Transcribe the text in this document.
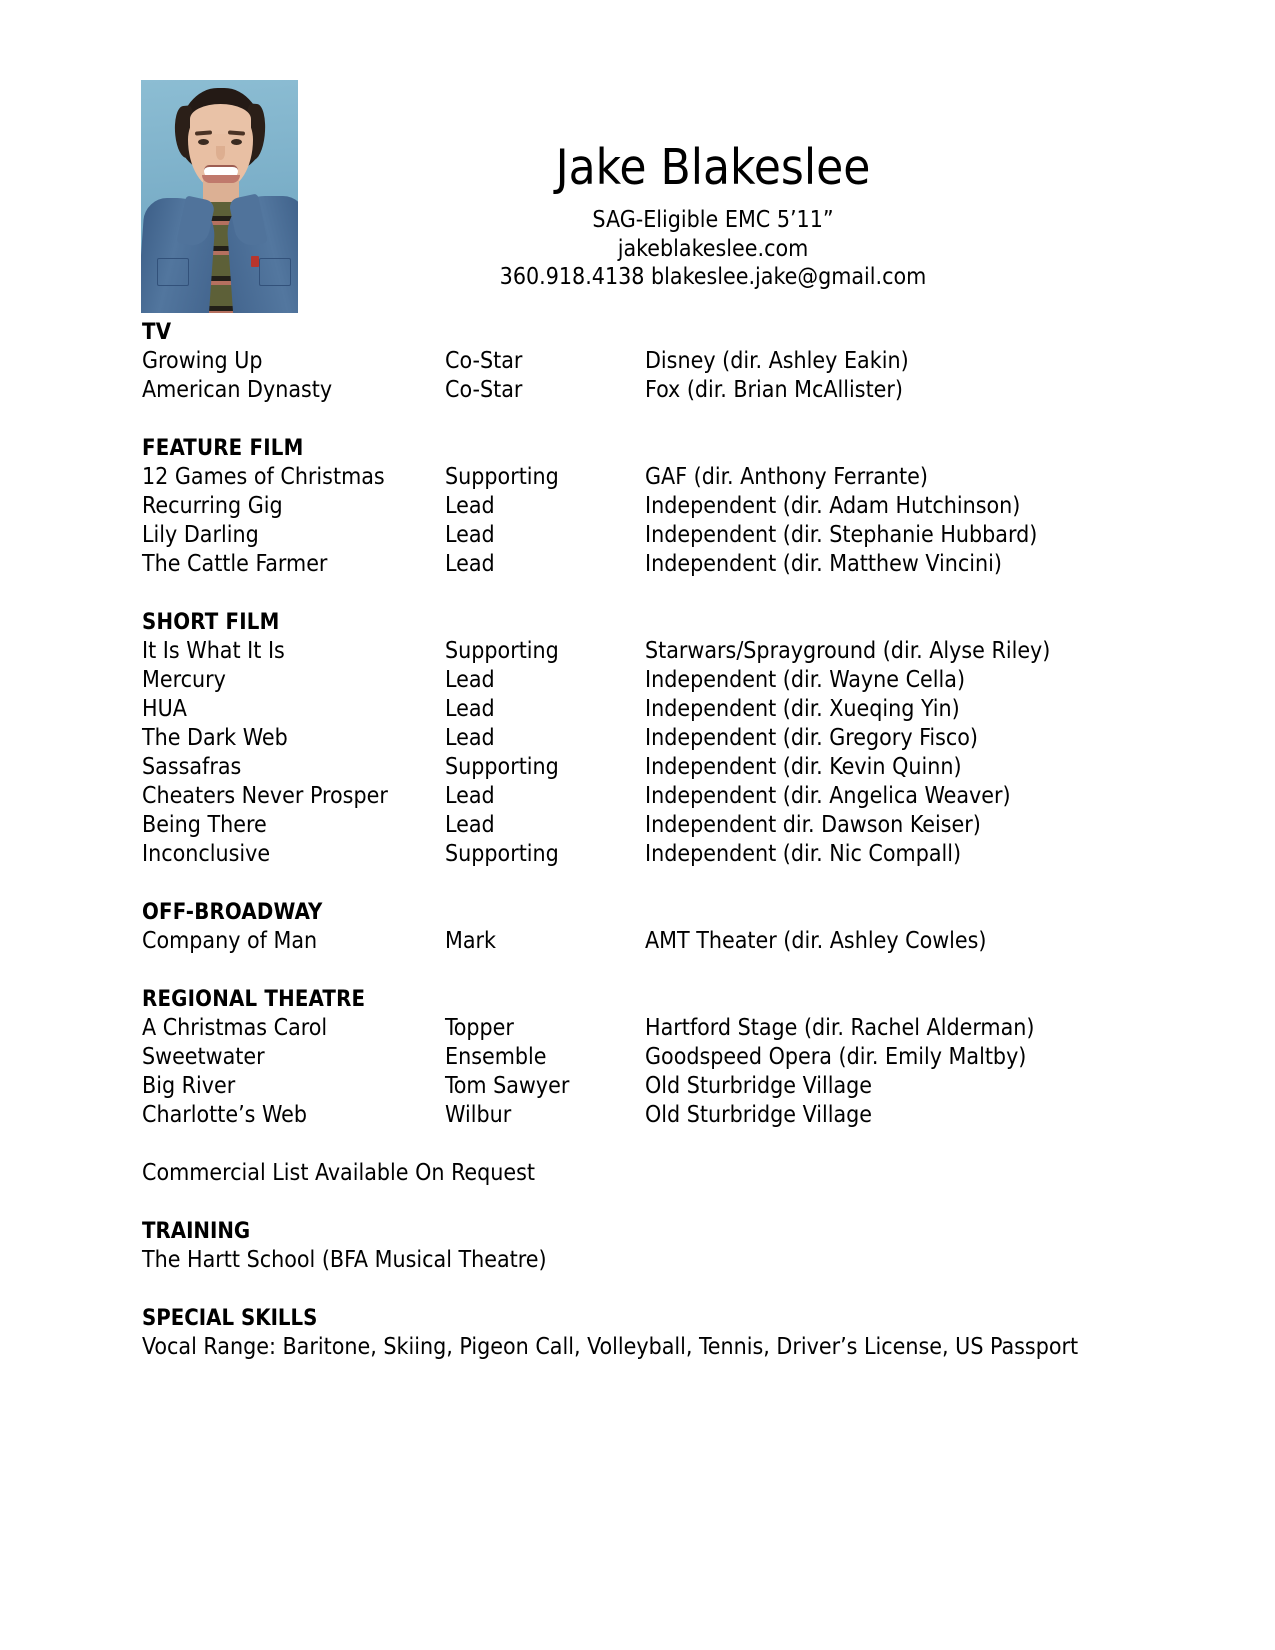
Jake Blakeslee
SAG-Eligible EMC 5’11”
jakeblakeslee.com
360.918.4138 blakeslee.jake@gmail.com
TV
Growing Up	Co-Star	Disney (dir. Ashley Eakin)
American Dynasty	Co-Star	Fox (dir. Brian McAllister)
FEATURE FILM
12 Games of Christmas	Supporting	GAF (dir. Anthony Ferrante)
Recurring Gig	Lead	Independent (dir. Adam Hutchinson)
Lily Darling	Lead	Independent (dir. Stephanie Hubbard)
The Cattle Farmer	Lead	Independent (dir. Matthew Vincini)
SHORT FILM
It Is What It Is	Supporting	Starwars/Sprayground (dir. Alyse Riley)
Mercury	Lead	Independent (dir. Wayne Cella)
HUA	Lead	Independent (dir. Xueqing Yin)
The Dark Web	Lead	Independent (dir. Gregory Fisco)
Sassafras	Supporting	Independent (dir. Kevin Quinn)
Cheaters Never Prosper	Lead	Independent (dir. Angelica Weaver)
Being There	Lead	Independent dir. Dawson Keiser)
Inconclusive	Supporting	Independent (dir. Nic Compall)
OFF-BROADWAY
Company of Man	Mark	AMT Theater (dir. Ashley Cowles)
REGIONAL THEATRE
A Christmas Carol	Topper	Hartford Stage (dir. Rachel Alderman)
Sweetwater	Ensemble	Goodspeed Opera (dir. Emily Maltby)
Big River	Tom Sawyer	Old Sturbridge Village
Charlotte’s Web	Wilbur	Old Sturbridge Village
Commercial List Available On Request
TRAINING
The Hartt School (BFA Musical Theatre)
SPECIAL SKILLS
Vocal Range: Baritone, Skiing, Pigeon Call, Volleyball, Tennis, Driver’s License, US Passport
